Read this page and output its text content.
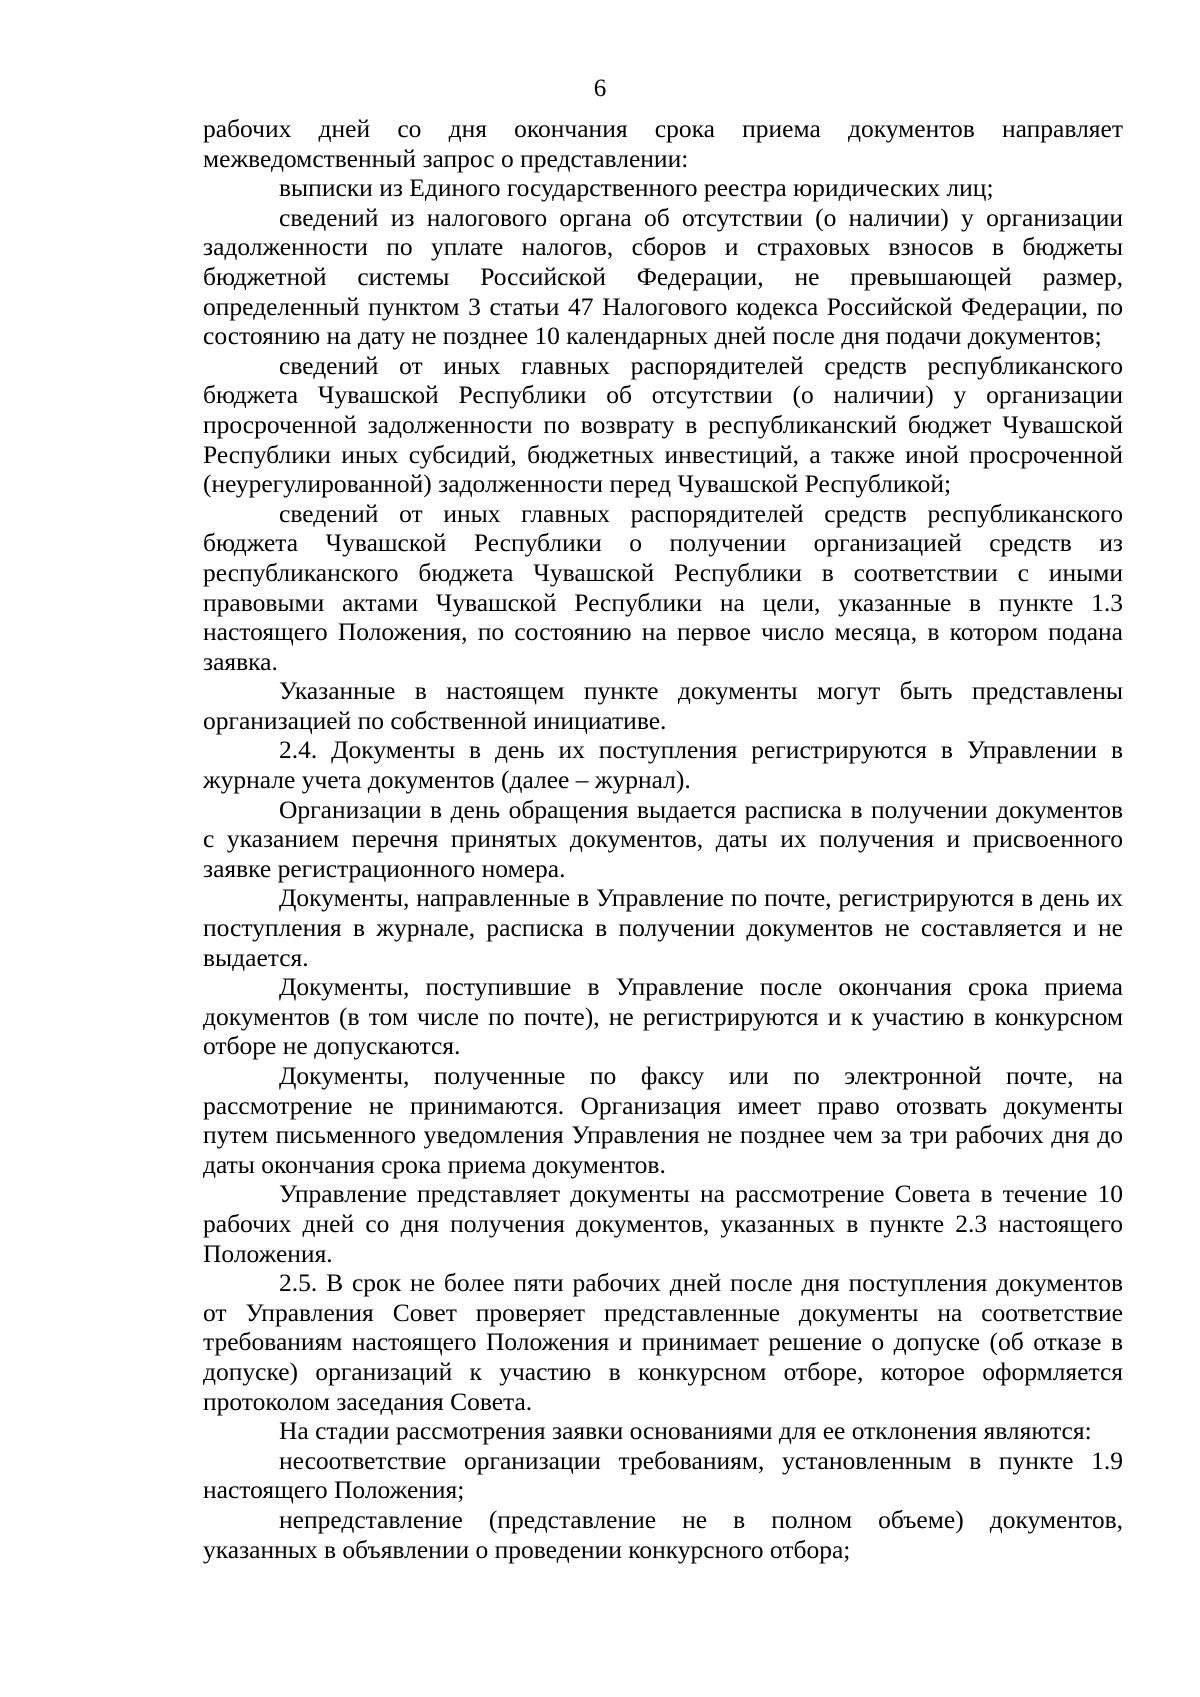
6

рабочих дней со дня окончания срока приема документов направляет межведомственный запрос о представлении:

выписки из Единого государственного реестра юридических лиц;

сведений из налогового органа об отсутствии (о наличии) у организации задолженности по уплате налогов, сборов и страховых взносов в бюджеты бюджетной системы Российской Федерации, не превышающей размер, определенный пунктом 3 статьи 47 Налогового кодекса Российской Федерации, по состоянию на дату не позднее 10 календарных дней после дня подачи документов;

сведений от иных главных распорядителей средств республиканского бюджета Чувашской Республики об отсутствии (о наличии) у организации просроченной задолженности по возврату в республиканский бюджет Чувашской Республики иных субсидий, бюджетных инвестиций, а также иной просроченной (неурегулированной) задолженности перед Чувашской Республикой;

сведений от иных главных распорядителей средств республиканского бюджета Чувашской Республики о получении организацией средств из республиканского бюджета Чувашской Республики в соответствии с иными правовыми актами Чувашской Республики на цели, указанные в пункте 1.3 настоящего Положения, по состоянию на первое число месяца, в котором подана заявка.

Указанные в настоящем пункте документы могут быть представлены организацией по собственной инициативе.

2.4. Документы в день их поступления регистрируются в Управлении в журнале учета документов (далее – журнал).

Организации в день обращения выдается расписка в получении документов с указанием перечня принятых документов, даты их получения и присвоенного заявке регистрационного номера.

Документы, направленные в Управление по почте, регистрируются в день их поступления в журнале, расписка в получении документов не составляется и не выдается.

Документы, поступившие в Управление после окончания срока приема документов (в том числе по почте), не регистрируются и к участию в конкурсном отборе не допускаются.

Документы, полученные по факсу или по электронной почте, на рассмотрение не принимаются. Организация имеет право отозвать документы путем письменного уведомления Управления не позднее чем за три рабочих дня до даты окончания срока приема документов.

Управление представляет документы на рассмотрение Совета в течение 10 рабочих дней со дня получения документов, указанных в пункте 2.3 настоящего Положения.

2.5. В срок не более пяти рабочих дней после дня поступления документов от Управления Совет проверяет представленные документы на соответствие требованиям настоящего Положения и принимает решение о допуске (об отказе в допуске) организаций к участию в конкурсном отборе, которое оформляется протоколом заседания Совета.

На стадии рассмотрения заявки основаниями для ее отклонения являются:

несоответствие организации требованиям, установленным в пункте 1.9 настоящего Положения;

непредставление (представление не в полном объеме) документов, указанных в объявлении о проведении конкурсного отбора;
